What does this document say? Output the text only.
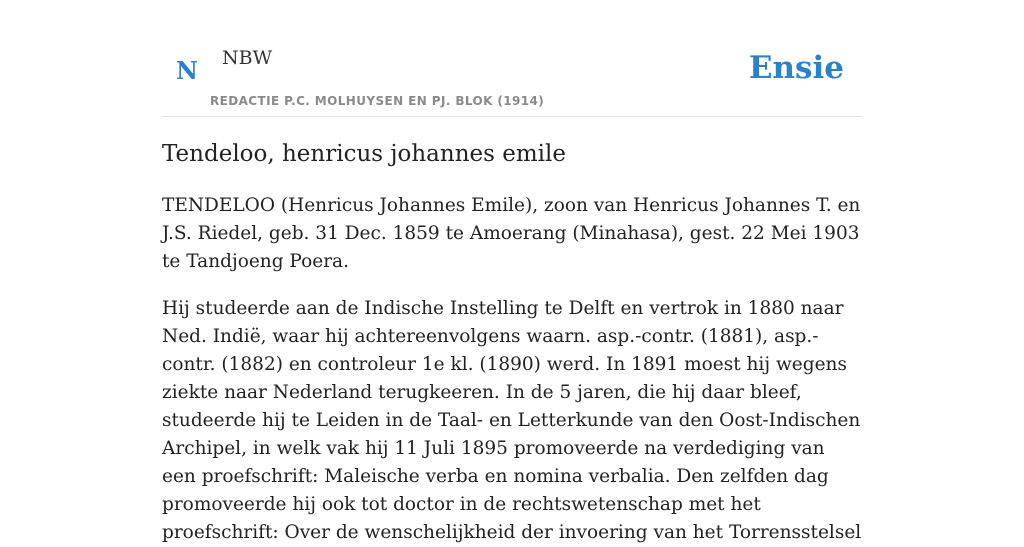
N NBW
REDACTIE P.C. MOLHUYSEN EN PJ. BLOK (1914)
Ensie
Tendeloo, henricus johannes emile

TENDELOO (Henricus Johannes Emile), zoon van Henricus Johannes T. en J.S. Riedel, geb. 31 Dec. 1859 te Amoerang (Minahasa), gest. 22 Mei 1903 te Tandjoeng Poera.

Hij studeerde aan de Indische Instelling te Delft en vertrok in 1880 naar Ned. Indië, waar hij achtereenvolgens waarn. asp.-contr. (1881), asp.-contr. (1882) en controleur 1e kl. (1890) werd. In 1891 moest hij wegens ziekte naar Nederland terugkeeren. In de 5 jaren, die hij daar bleef, studeerde hij te Leiden in de Taal- en Letterkunde van den Oost-Indischen Archipel, in welk vak hij 11 Juli 1895 promoveerde na verdediging van een proefschrift: Maleische verba en nomina verbalia. Den zelfden dag promoveerde hij ook tot doctor in de rechtswetenschap met het proefschrift: Over de wenschelijkheid der invoering van het Torrensstelsel
